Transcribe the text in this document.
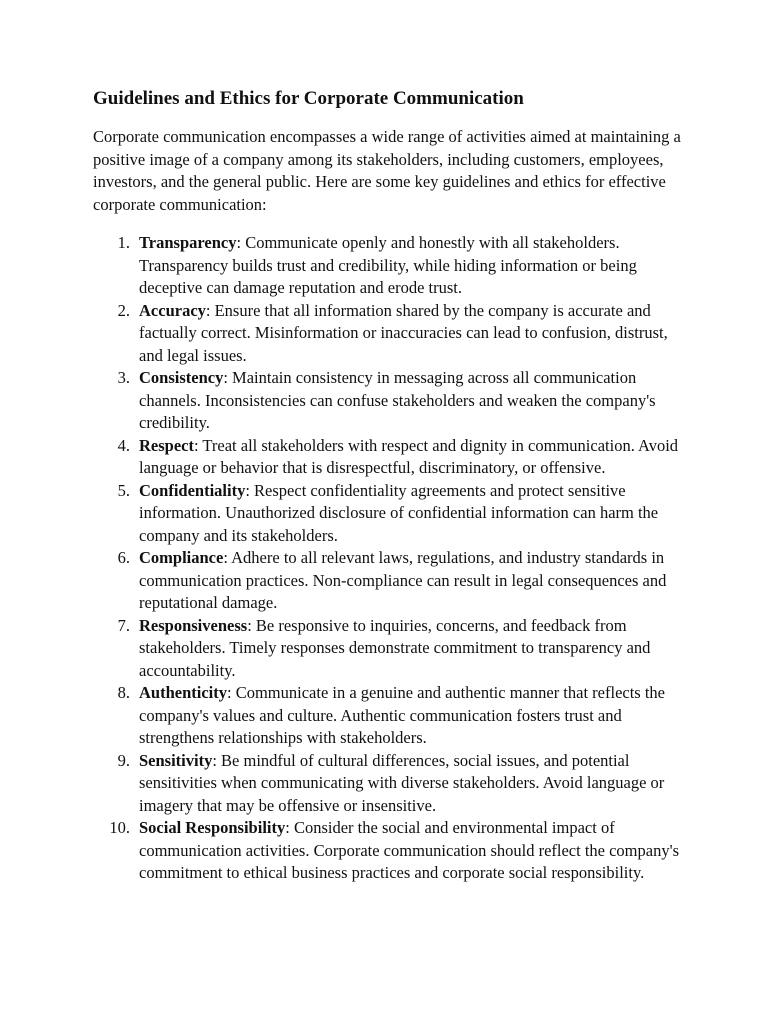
Guidelines and Ethics for Corporate Communication

Corporate communication encompasses a wide range of activities aimed at maintaining a positive image of a company among its stakeholders, including customers, employees, investors, and the general public. Here are some key guidelines and ethics for effective corporate communication:

1. Transparency: Communicate openly and honestly with all stakeholders. Transparency builds trust and credibility, while hiding information or being deceptive can damage reputation and erode trust.
2. Accuracy: Ensure that all information shared by the company is accurate and factually correct. Misinformation or inaccuracies can lead to confusion, distrust, and legal issues.
3. Consistency: Maintain consistency in messaging across all communication channels. Inconsistencies can confuse stakeholders and weaken the company's credibility.
4. Respect: Treat all stakeholders with respect and dignity in communication. Avoid language or behavior that is disrespectful, discriminatory, or offensive.
5. Confidentiality: Respect confidentiality agreements and protect sensitive information. Unauthorized disclosure of confidential information can harm the company and its stakeholders.
6. Compliance: Adhere to all relevant laws, regulations, and industry standards in communication practices. Non-compliance can result in legal consequences and reputational damage.
7. Responsiveness: Be responsive to inquiries, concerns, and feedback from stakeholders. Timely responses demonstrate commitment to transparency and accountability.
8. Authenticity: Communicate in a genuine and authentic manner that reflects the company's values and culture. Authentic communication fosters trust and strengthens relationships with stakeholders.
9. Sensitivity: Be mindful of cultural differences, social issues, and potential sensitivities when communicating with diverse stakeholders. Avoid language or imagery that may be offensive or insensitive.
10. Social Responsibility: Consider the social and environmental impact of communication activities. Corporate communication should reflect the company's commitment to ethical business practices and corporate social responsibility.
